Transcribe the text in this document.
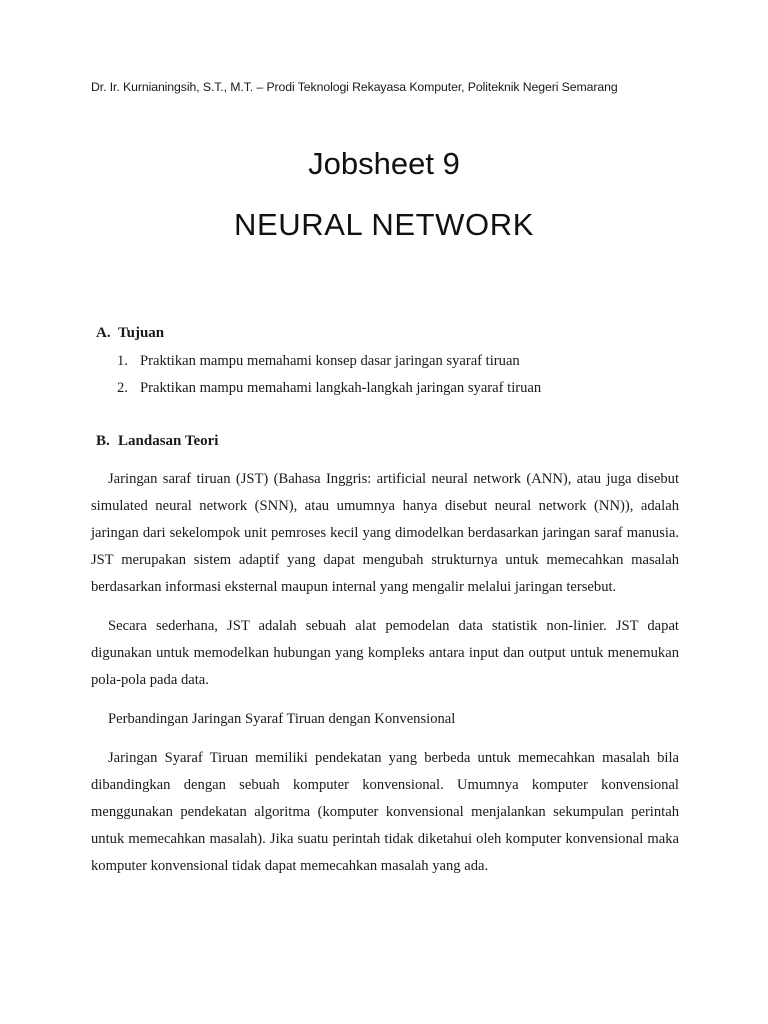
Dr. Ir. Kurnianingsih, S.T., M.T. – Prodi Teknologi Rekayasa Komputer, Politeknik Negeri Semarang
Jobsheet 9
NEURAL NETWORK
A. Tujuan
1. Praktikan mampu memahami konsep dasar jaringan syaraf tiruan
2. Praktikan mampu memahami langkah-langkah jaringan syaraf tiruan
B. Landasan Teori
Jaringan saraf tiruan (JST) (Bahasa Inggris: artificial neural network (ANN), atau juga disebut simulated neural network (SNN), atau umumnya hanya disebut neural network (NN)), adalah jaringan dari sekelompok unit pemroses kecil yang dimodelkan berdasarkan jaringan saraf manusia. JST merupakan sistem adaptif yang dapat mengubah strukturnya untuk memecahkan masalah berdasarkan informasi eksternal maupun internal yang mengalir melalui jaringan tersebut.
Secara sederhana, JST adalah sebuah alat pemodelan data statistik non-linier. JST dapat digunakan untuk memodelkan hubungan yang kompleks antara input dan output untuk menemukan pola-pola pada data.
Perbandingan Jaringan Syaraf Tiruan dengan Konvensional
Jaringan Syaraf Tiruan memiliki pendekatan yang berbeda untuk memecahkan masalah bila dibandingkan dengan sebuah komputer konvensional. Umumnya komputer konvensional menggunakan pendekatan algoritma (komputer konvensional menjalankan sekumpulan perintah untuk memecahkan masalah). Jika suatu perintah tidak diketahui oleh komputer konvensional maka komputer konvensional tidak dapat memecahkan masalah yang ada.
